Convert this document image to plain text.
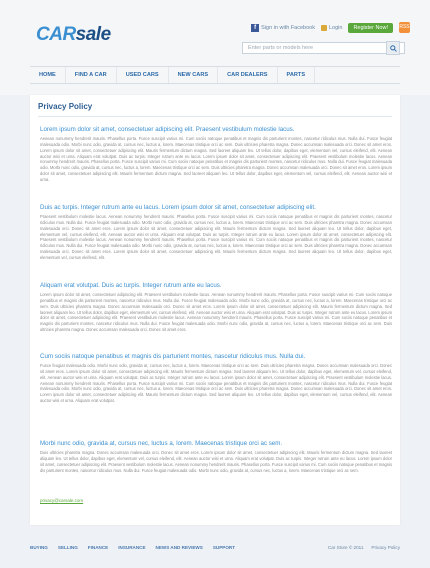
CARsale	f Sign in with Facebook	Login	Register Now!	RSS
Enter parts or models here
HOME	FIND A CAR	USED CARS	NEW CARS	CAR DEALERS	PARTS
Privacy Policy
Lorem ipsum dolor sit amet, consectetuer adipiscing elit. Praesent vestibulum molestie lacus.
Aenean nonummy hendrerit mauris. Phasellus porta. Fusce suscipit varius mi. Cum sociis natoque penatibus et magnis dis parturient montes, nascetur ridiculus mus. Nulla dui. Fusce feugiat malesuada odio. Morbi nunc odio, gravida at, cursus nec, luctus a, lorem. Maecenas tristique orci ac sem. Duis ultricies pharetra magna. Donec accumsan malesuada orci. Donec sit amet eros. Lorem ipsum dolor sit amet, consectetuer adipiscing elit. Mauris fermentum dictum magna. Sed laoreet aliquam leo. Ut tellus dolor, dapibus eget, elementum vel, cursus eleifend, elit. Aenean auctor wisi et urna. Aliquam erat volutpat. Duis ac turpis. Integer rutrum ante eu lacus. Lorem ipsum dolor sit amet, consectetuer adipiscing elit. Praesent vestibulum molestie lacus. Aenean nonummy hendrerit mauris. Phasellus porta. Fusce suscipit varius mi. Cum sociis natoque penatibus et magnis dis parturient montes, nascetur ridiculus mus. Nulla dui. Fusce feugiat malesuada odio. Morbi nunc odio, gravida at, cursus nec, luctus a, lorem. Maecenas tristique orci ac sem. Duis ultricies pharetra magna. Donec accumsan malesuada orci. Donec sit amet eros. Lorem ipsum dolor sit amet, consectetuer adipiscing elit. Mauris fermentum dictum magna. Sed laoreet aliquam leo. Ut tellus dolor, dapibus eget, elementum vel, cursus eleifend, elit. Aenean auctor wisi et urna.
Duis ac turpis. Integer rutrum ante eu lacus. Lorem ipsum dolor sit amet, consectetuer adipiscing elit.
Praesent vestibulum molestie lacus. Aenean nonummy hendrerit mauris. Phasellus porta. Fusce suscipit varius mi. Cum sociis natoque penatibus et magnis dis parturient montes, nascetur ridiculus mus. Nulla dui. Fusce feugiat malesuada odio. Morbi nunc odio, gravida at, cursus nec, luctus a, lorem. Maecenas tristique orci ac sem. Duis ultricies pharetra magna. Donec accumsan malesuada orci. Donec sit amet eros. Lorem ipsum dolor sit amet, consectetuer adipiscing elit. Mauris fermentum dictum magna. Sed laoreet aliquam leo. Ut tellus dolor, dapibus eget, elementum vel, cursus eleifend, elit. Aenean auctor wisi et urna. Aliquam erat volutpat. Duis ac turpis. Integer rutrum ante eu lacus. Lorem ipsum dolor sit amet, consectetuer adipiscing elit. Praesent vestibulum molestie lacus. Aenean nonummy hendrerit mauris. Phasellus porta. Fusce suscipit varius mi. Cum sociis natoque penatibus et magnis dis parturient montes, nascetur ridiculus mus. Nulla dui. Fusce feugiat malesuada odio. Morbi nunc odio, gravida at, cursus nec, luctus a, lorem. Maecenas tristique orci ac sem. Duis ultricies pharetra magna. Donec accumsan malesuada orci. Donec sit amet eros. Lorem ipsum dolor sit amet, consectetuer adipiscing elit. Mauris fermentum dictum magna. Sed laoreet aliquam leo. Ut tellus dolor, dapibus eget, elementum vel, cursus eleifend, elit.
Aliquam erat volutpat. Duis ac turpis. Integer rutrum ante eu lacus.
Lorem ipsum dolor sit amet, consectetuer adipiscing elit. Praesent vestibulum molestie lacus. Aenean nonummy hendrerit mauris. Phasellus porta. Fusce suscipit varius mi. Cum sociis natoque penatibus et magnis dis parturient montes, nascetur ridiculus mus. Nulla dui. Fusce feugiat malesuada odio. Morbi nunc odio, gravida at, cursus nec, luctus a, lorem. Maecenas tristique orci ac sem. Duis ultricies pharetra magna. Donec accumsan malesuada orci. Donec sit amet eros. Lorem ipsum dolor sit amet, consectetuer adipiscing elit. Mauris fermentum dictum magna. Sed laoreet aliquam leo. Ut tellus dolor, dapibus eget, elementum vel, cursus eleifend, elit. Aenean auctor wisi et urna. Aliquam erat volutpat. Duis ac turpis. Integer rutrum ante eu lacus. Lorem ipsum dolor sit amet, consectetuer adipiscing elit. Praesent vestibulum molestie lacus. Aenean nonummy hendrerit mauris. Phasellus porta. Fusce suscipit varius mi. Cum sociis natoque penatibus et magnis dis parturient montes, nascetur ridiculus mus. Nulla dui. Fusce feugiat malesuada odio. Morbi nunc odio, gravida at, cursus nec, luctus a, lorem. Maecenas tristique orci ac sem. Duis ultricies pharetra magna. Donec accumsan malesuada orci. Donec sit amet eros.
Cum sociis natoque penatibus et magnis dis parturient montes, nascetur ridiculus mus. Nulla dui.
Fusce feugiat malesuada odio. Morbi nunc odio, gravida at, cursus nec, luctus a, lorem. Maecenas tristique orci ac sem. Duis ultricies pharetra magna. Donec accumsan malesuada orci. Donec sit amet eros. Lorem ipsum dolor sit amet, consectetuer adipiscing elit. Mauris fermentum dictum magna. Sed laoreet aliquam leo. Ut tellus dolor, dapibus eget, elementum vel, cursus eleifend, elit. Aenean auctor wisi et urna. Aliquam erat volutpat. Duis ac turpis. Integer rutrum ante eu lacus. Lorem ipsum dolor sit amet, consectetuer adipiscing elit. Praesent vestibulum molestie lacus. Aenean nonummy hendrerit mauris. Phasellus porta. Fusce suscipit varius mi. Cum sociis natoque penatibus et magnis dis parturient montes, nascetur ridiculus mus. Nulla dui. Fusce feugiat malesuada odio. Morbi nunc odio, gravida at, cursus nec, luctus a, lorem. Maecenas tristique orci ac sem. Duis ultricies pharetra magna. Donec accumsan malesuada orci. Donec sit amet eros. Lorem ipsum dolor sit amet, consectetuer adipiscing elit. Mauris fermentum dictum magna. Sed laoreet aliquam leo. Ut tellus dolor, dapibus eget, elementum vel, cursus eleifend, elit. Aenean auctor wisi et urna. Aliquam erat volutpat.
Morbi nunc odio, gravida at, cursus nec, luctus a, lorem. Maecenas tristique orci ac sem.
Duis ultricies pharetra magna. Donec accumsan malesuada orci. Donec sit amet eros. Lorem ipsum dolor sit amet, consectetuer adipiscing elit. Mauris fermentum dictum magna. Sed laoreet aliquam leo. Ut tellus dolor, dapibus eget, elementum vel, cursus eleifend, elit. Aenean auctor wisi et urna. Aliquam erat volutpat. Duis ac turpis. Integer rutrum ante eu lacus. Lorem ipsum dolor sit amet, consectetuer adipiscing elit. Praesent vestibulum molestie lacus. Aenean nonummy hendrerit mauris. Phasellus porta. Fusce suscipit varius mi. Cum sociis natoque penatibus et magnis dis parturient montes, nascetur ridiculus mus. Nulla dui. Fusce feugiat malesuada odio. Morbi nunc odio, gravida at, cursus nec, luctus a, lorem. Maecenas tristique orci ac sem.
privacy@carsale.com
BUYING SELLING FINANCE INSURANCE NEWS AND REVIEWS SUPPORT	Car Store © 2011 Privacy Policy
